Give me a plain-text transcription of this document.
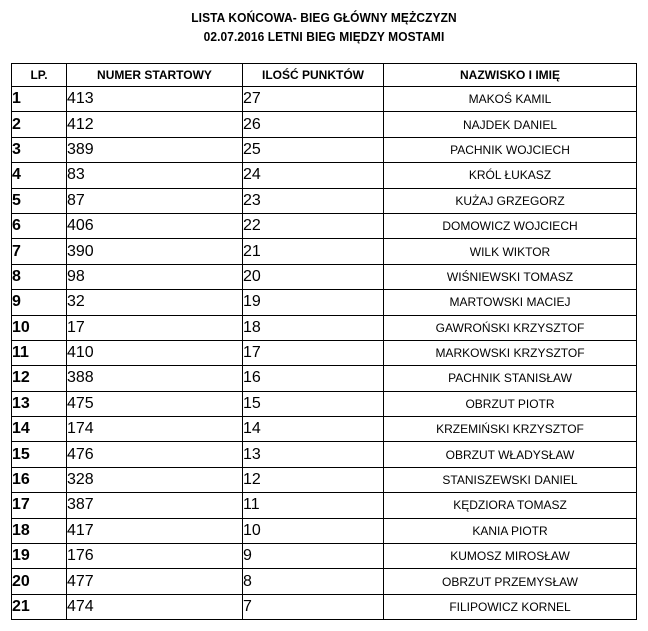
LISTA KOŃCOWA- BIEG GŁÓWNY MĘŻCZYZN
02.07.2016 LETNI BIEG MIĘDZY MOSTAMI
LP.	NUMER STARTOWY	ILOŚĆ PUNKTÓW	NAZWISKO I IMIĘ
1	413	27	MAKOŚ KAMIL
2	412	26	NAJDEK DANIEL
3	389	25	PACHNIK WOJCIECH
4	83	24	KRÓL ŁUKASZ
5	87	23	KUŻAJ GRZEGORZ
6	406	22	DOMOWICZ WOJCIECH
7	390	21	WILK WIKTOR
8	98	20	WIŚNIEWSKI TOMASZ
9	32	19	MARTOWSKI MACIEJ
10	17	18	GAWROŃSKI KRZYSZTOF
11	410	17	MARKOWSKI KRZYSZTOF
12	388	16	PACHNIK STANISŁAW
13	475	15	OBRZUT PIOTR
14	174	14	KRZEMIŃSKI KRZYSZTOF
15	476	13	OBRZUT WŁADYSŁAW
16	328	12	STANISZEWSKI DANIEL
17	387	11	KĘDZIORA TOMASZ
18	417	10	KANIA PIOTR
19	176	9	KUMOSZ MIROSŁAW
20	477	8	OBRZUT PRZEMYSŁAW
21	474	7	FILIPOWICZ KORNEL
